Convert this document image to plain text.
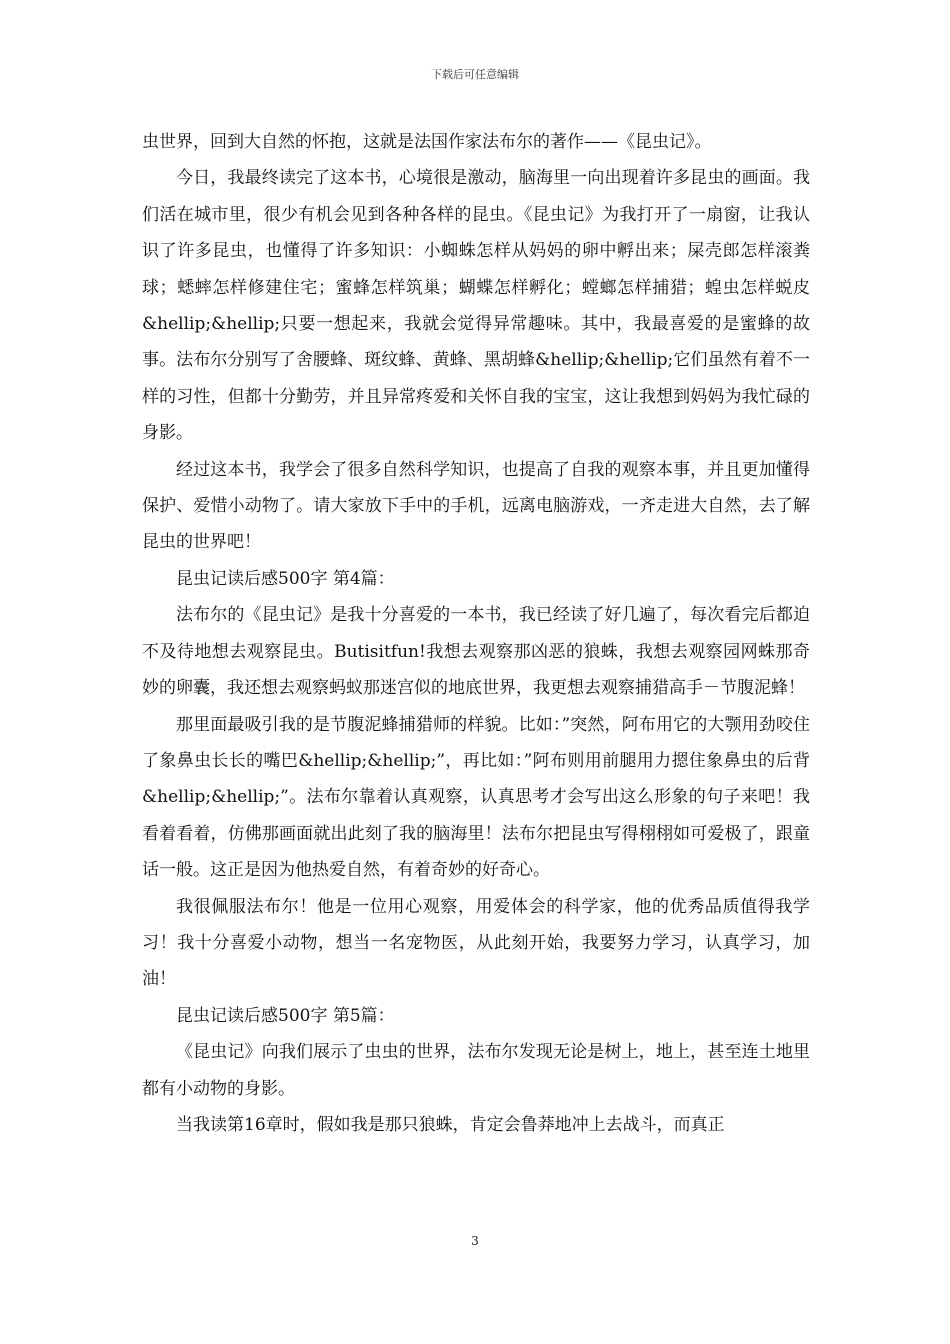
下载后可任意编辑

虫世界，回到大自然的怀抱，这就是法国作家法布尔的著作——《昆虫记》。

今日，我最终读完了这本书，心境很是激动，脑海里一向出现着许多昆虫的画面。我们活在城市里，很少有机会见到各种各样的昆虫。《昆虫记》为我打开了一扇窗，让我认识了许多昆虫，也懂得了许多知识：小蜘蛛怎样从妈妈的卵中孵出来；屎壳郎怎样滚粪球；蟋蟀怎样修建住宅；蜜蜂怎样筑巢；蝴蝶怎样孵化；螳螂怎样捕猎；蝗虫怎样蜕皮&hellip;&hellip;只要一想起来，我就会觉得异常趣味。其中，我最喜爱的是蜜蜂的故事。法布尔分别写了舍腰蜂、斑纹蜂、黄蜂、黑胡蜂&hellip;&hellip;它们虽然有着不一样的习性，但都十分勤劳，并且异常疼爱和关怀自我的宝宝，这让我想到妈妈为我忙碌的身影。

经过这本书，我学会了很多自然科学知识，也提高了自我的观察本事，并且更加懂得保护、爱惜小动物了。请大家放下手中的手机，远离电脑游戏，一齐走进大自然，去了解昆虫的世界吧！

昆虫记读后感500字 第4篇：

法布尔的《昆虫记》是我十分喜爱的一本书，我已经读了好几遍了，每次看完后都迫不及待地想去观察昆虫。Butisitfun!我想去观察那凶恶的狼蛛，我想去观察园网蛛那奇妙的卵囊，我还想去观察蚂蚁那迷宫似的地底世界，我更想去观察捕猎高手－节腹泥蜂！

那里面最吸引我的是节腹泥蜂捕猎师的样貌。比如：”突然，阿布用它的大颚用劲咬住了象鼻虫长长的嘴巴&hellip;&hellip;”，再比如：”阿布则用前腿用力摁住象鼻虫的后背&hellip;&hellip;”。法布尔靠着认真观察，认真思考才会写出这么形象的句子来吧！我看着看着，仿佛那画面就出此刻了我的脑海里！法布尔把昆虫写得栩栩如可爱极了，跟童话一般。这正是因为他热爱自然，有着奇妙的好奇心。

我很佩服法布尔！他是一位用心观察，用爱体会的科学家，他的优秀品质值得我学习！我十分喜爱小动物，想当一名宠物医，从此刻开始，我要努力学习，认真学习，加油！

昆虫记读后感500字 第5篇：

《昆虫记》向我们展示了虫虫的世界，法布尔发现无论是树上，地上，甚至连土地里都有小动物的身影。

当我读第16章时，假如我是那只狼蛛，肯定会鲁莽地冲上去战斗，而真正

3
